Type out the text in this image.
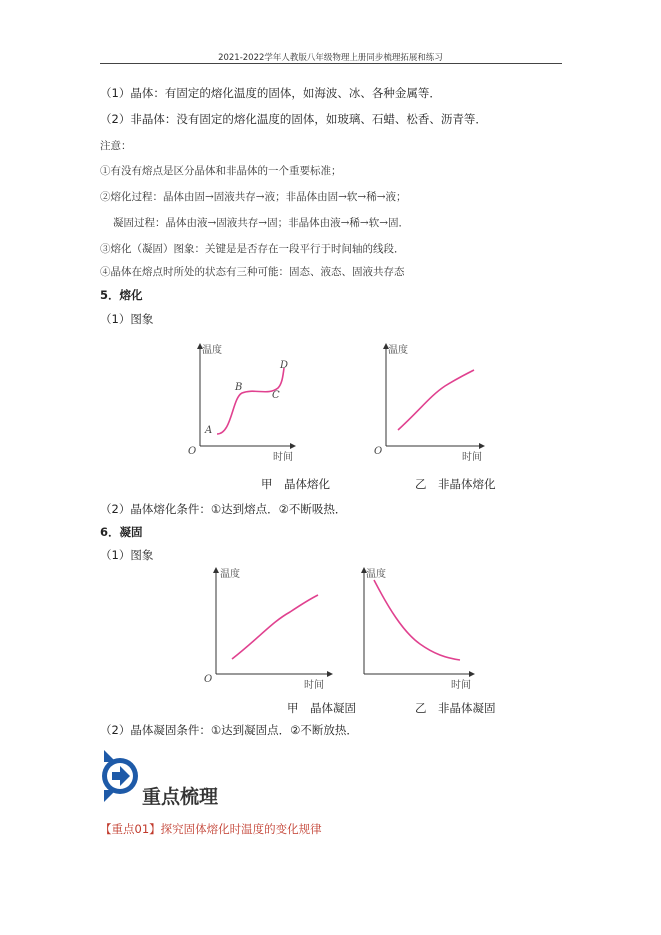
2021-2022学年人教版八年级物理上册同步梳理拓展和练习
（1）晶体：有固定的熔化温度的固体，如海波、冰、各种金属等．
（2）非晶体：没有固定的熔化温度的固体，如玻璃、石蜡、松香、沥青等．
注意：
①有没有熔点是区分晶体和非晶体的一个重要标准；
②熔化过程：晶体由固→固液共存→液；非晶体由固→软→稀→液；
凝固过程：晶体由液→固液共存→固；非晶体由液→稀→软→固．
③熔化（凝固）图象：关键是是否存在一段平行于时间轴的线段．
④晶体在熔点时所处的状态有三种可能：固态、液态、固液共存态
5．熔化
（1）图象
温度
O
时间
A
B
C
D
温度
O
时间
甲　晶体熔化	乙　非晶体熔化
（2）晶体熔化条件：①达到熔点．②不断吸热．
6．凝固
（1）图象
温度
O
时间
温度
时间
甲　晶体凝固	乙　非晶体凝固
（2）晶体凝固条件：①达到凝固点．②不断放热．
重点梳理
【重点01】探究固体熔化时温度的变化规律
